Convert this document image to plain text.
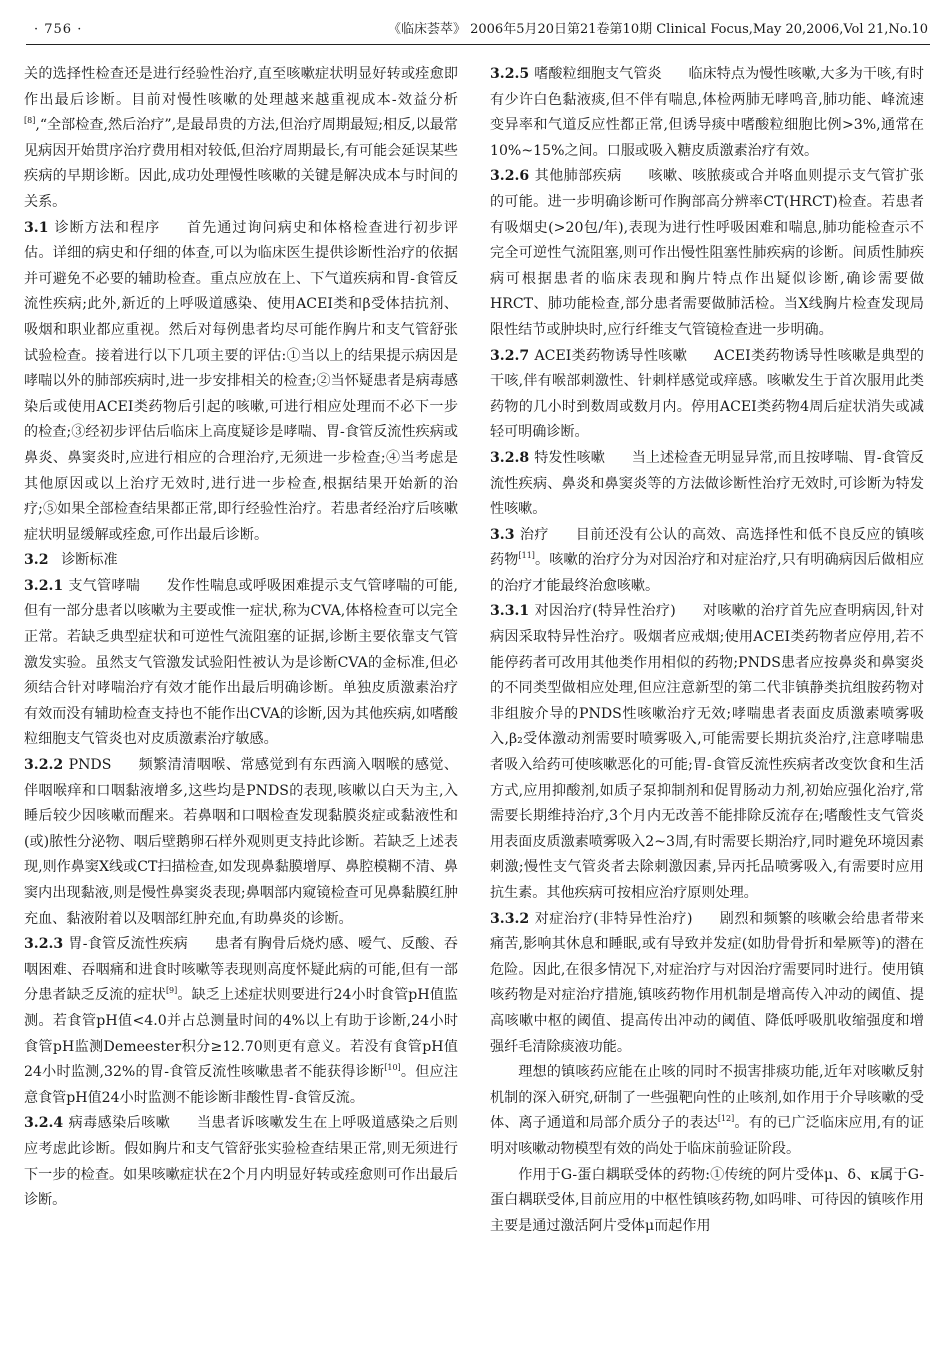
· 756 ·	《临床荟萃》 2006年5月20日第21卷第10期 Clinical Focus,May 20,2006,Vol 21,No.10

关的选择性检查还是进行经验性治疗,直至咳嗽症状明显好转或痊愈即作出最后诊断。目前对慢性咳嗽的处理越来越重视成本-效益分析[8],“全部检查,然后治疗”,是最昂贵的方法,但治疗周期最短;相反,以最常见病因开始贯序治疗费用相对较低,但治疗周期最长,有可能会延误某些疾病的早期诊断。因此,成功处理慢性咳嗽的关键是解决成本与时间的关系。

3.1 诊断方法和程序 首先通过询问病史和体格检查进行初步评估。详细的病史和仔细的体查,可以为临床医生提供诊断性治疗的依据并可避免不必要的辅助检查。重点应放在上、下气道疾病和胃-食管反流性疾病;此外,新近的上呼吸道感染、使用ACEI类和β受体拮抗剂、吸烟和职业都应重视。然后对每例患者均尽可能作胸片和支气管舒张试验检查。接着进行以下几项主要的评估:①当以上的结果提示病因是哮喘以外的肺部疾病时,进一步安排相关的检查;②当怀疑患者是病毒感染后或使用ACEI类药物后引起的咳嗽,可进行相应处理而不必下一步的检查;③经初步评估后临床上高度疑诊是哮喘、胃-食管反流性疾病或鼻炎、鼻窦炎时,应进行相应的合理治疗,无须进一步检查;④当考虑是其他原因或以上治疗无效时,进行进一步检查,根据结果开始新的治疗;⑤如果全部检查结果都正常,即行经验性治疗。若患者经治疗后咳嗽症状明显缓解或痊愈,可作出最后诊断。

3.2 诊断标准

3.2.1 支气管哮喘 发作性喘息或呼吸困难提示支气管哮喘的可能,但有一部分患者以咳嗽为主要或惟一症状,称为CVA,体格检查可以完全正常。若缺乏典型症状和可逆性气流阻塞的证据,诊断主要依靠支气管激发实验。虽然支气管激发试验阳性被认为是诊断CVA的金标准,但必须结合针对哮喘治疗有效才能作出最后明确诊断。单独皮质激素治疗有效而没有辅助检查支持也不能作出CVA的诊断,因为其他疾病,如嗜酸粒细胞支气管炎也对皮质激素治疗敏感。

3.2.2 PNDS 频繁清清咽喉、常感觉到有东西滴入咽喉的感觉、伴咽喉痒和口咽黏液增多,这些均是PNDS的表现,咳嗽以白天为主,入睡后较少因咳嗽而醒来。若鼻咽和口咽检查发现黏膜炎症或黏液性和(或)脓性分泌物、咽后壁鹅卵石样外观则更支持此诊断。若缺乏上述表现,则作鼻窦X线或CT扫描检查,如发现鼻黏膜增厚、鼻腔模糊不清、鼻窦内出现黏液,则是慢性鼻窦炎表现;鼻咽部内窥镜检查可见鼻黏膜红肿充血、黏液附着以及咽部红肿充血,有助鼻炎的诊断。

3.2.3 胃-食管反流性疾病 患者有胸骨后烧灼感、嗳气、反酸、吞咽困难、吞咽痛和进食时咳嗽等表现则高度怀疑此病的可能,但有一部分患者缺乏反流的症状[9]。缺乏上述症状则要进行24小时食管pH值监测。若食管pH值<4.0并占总测量时间的4%以上有助于诊断,24小时食管pH监测Demeester积分≥12.70则更有意义。若没有食管pH值24小时监测,32%的胃-食管反流性咳嗽患者不能获得诊断[10]。但应注意食管pH值24小时监测不能诊断非酸性胃-食管反流。

3.2.4 病毒感染后咳嗽 当患者诉咳嗽发生在上呼吸道感染之后则应考虑此诊断。假如胸片和支气管舒张实验检查结果正常,则无须进行下一步的检查。如果咳嗽症状在2个月内明显好转或痊愈则可作出最后诊断。

3.2.5 嗜酸粒细胞支气管炎 临床特点为慢性咳嗽,大多为干咳,有时有少许白色黏液痰,但不伴有喘息,体检两肺无哮鸣音,肺功能、峰流速变异率和气道反应性都正常,但诱导痰中嗜酸粒细胞比例>3%,通常在10%~15%之间。口服或吸入糖皮质激素治疗有效。

3.2.6 其他肺部疾病 咳嗽、咳脓痰或合并咯血则提示支气管扩张的可能。进一步明确诊断可作胸部高分辨率CT(HRCT)检查。若患者有吸烟史(>20包/年),表现为进行性呼吸困难和喘息,肺功能检查示不完全可逆性气流阻塞,则可作出慢性阻塞性肺疾病的诊断。间质性肺疾病可根据患者的临床表现和胸片特点作出疑似诊断,确诊需要做HRCT、肺功能检查,部分患者需要做肺活检。当X线胸片检查发现局限性结节或肿块时,应行纤维支气管镜检查进一步明确。

3.2.7 ACEI类药物诱导性咳嗽 ACEI类药物诱导性咳嗽是典型的干咳,伴有喉部刺激性、针刺样感觉或痒感。咳嗽发生于首次服用此类药物的几小时到数周或数月内。停用ACEI类药物4周后症状消失或减轻可明确诊断。

3.2.8 特发性咳嗽 当上述检查无明显异常,而且按哮喘、胃-食管反流性疾病、鼻炎和鼻窦炎等的方法做诊断性治疗无效时,可诊断为特发性咳嗽。

3.3 治疗 目前还没有公认的高效、高选择性和低不良反应的镇咳药物[11]。咳嗽的治疗分为对因治疗和对症治疗,只有明确病因后做相应的治疗才能最终治愈咳嗽。

3.3.1 对因治疗(特异性治疗) 对咳嗽的治疗首先应查明病因,针对病因采取特异性治疗。吸烟者应戒烟;使用ACEI类药物者应停用,若不能停药者可改用其他类作用相似的药物;PNDS患者应按鼻炎和鼻窦炎的不同类型做相应处理,但应注意新型的第二代非镇静类抗组胺药物对非组胺介导的PNDS性咳嗽治疗无效;哮喘患者表面皮质激素喷雾吸入,β₂受体激动剂需要时喷雾吸入,可能需要长期抗炎治疗,注意哮喘患者吸入给药可使咳嗽恶化的可能;胃-食管反流性疾病者改变饮食和生活方式,应用抑酸剂,如质子泵抑制剂和促胃肠动力剂,初始应强化治疗,常需要长期维持治疗,3个月内无改善不能排除反流存在;嗜酸性支气管炎用表面皮质激素喷雾吸入2~3周,有时需要长期治疗,同时避免环境因素刺激;慢性支气管炎者去除刺激因素,异丙托品喷雾吸入,有需要时应用抗生素。其他疾病可按相应治疗原则处理。

3.3.2 对症治疗(非特异性治疗) 剧烈和频繁的咳嗽会给患者带来痛苦,影响其休息和睡眠,或有导致并发症(如肋骨骨折和晕厥等)的潜在危险。因此,在很多情况下,对症治疗与对因治疗需要同时进行。使用镇咳药物是对症治疗措施,镇咳药物作用机制是增高传入冲动的阈值、提高咳嗽中枢的阈值、提高传出冲动的阈值、降低呼吸肌收缩强度和增强纤毛清除痰液功能。

理想的镇咳药应能在止咳的同时不损害排痰功能,近年对咳嗽反射机制的深入研究,研制了一些强靶向性的止咳剂,如作用于介导咳嗽的受体、离子通道和局部介质分子的表达[12]。有的已广泛临床应用,有的证明对咳嗽动物模型有效的尚处于临床前验证阶段。

作用于G-蛋白耦联受体的药物:①传统的阿片受体μ、δ、κ属于G-蛋白耦联受体,目前应用的中枢性镇咳药物,如吗啡、可待因的镇咳作用主要是通过激活阿片受体μ而起作用
